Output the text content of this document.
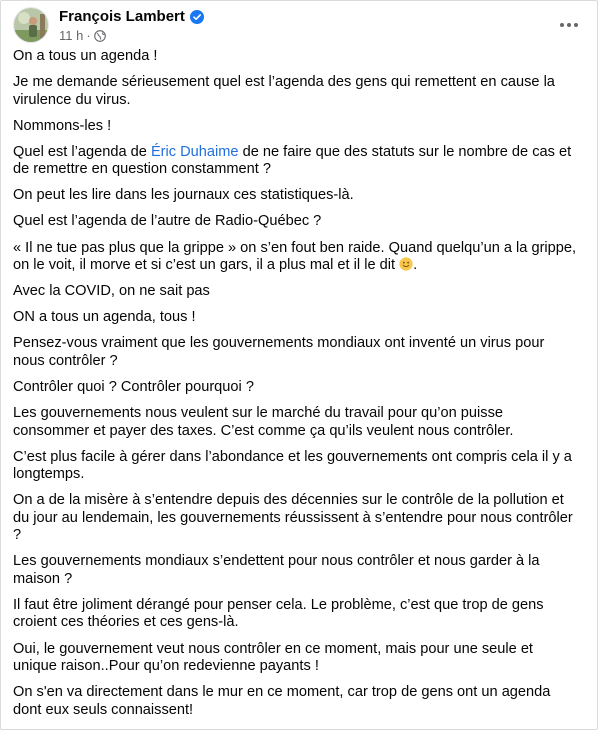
François Lambert
11 h ·

On a tous un agenda !

Je me demande sérieusement quel est l’agenda des gens qui remettent en cause la virulence du virus.

Nommons-les !

Quel est l’agenda de Éric Duhaime de ne faire que des statuts sur le nombre de cas et de remettre en question constamment ?

On peut les lire dans les journaux ces statistiques-là.

Quel est l’agenda de l’autre de Radio-Québec ?

« Il ne tue pas plus que la grippe » on s’en fout ben raide. Quand quelqu’un a la grippe, on le voit, il morve et si c’est un gars, il a plus mal et il le dit .

Avec la COVID, on ne sait pas

ON a tous un agenda, tous !

Pensez-vous vraiment que les gouvernements mondiaux ont inventé un virus pour nous contrôler ?

Contrôler quoi ? Contrôler pourquoi ?

Les gouvernements nous veulent sur le marché du travail pour qu’on puisse consommer et payer des taxes. C’est comme ça qu’ils veulent nous contrôler.

C’est plus facile à gérer dans l’abondance et les gouvernements ont compris cela il y a longtemps.

On a de la misère à s’entendre depuis des décennies sur le contrôle de la pollution et du jour au lendemain, les gouvernements réussissent à s’entendre pour nous contrôler ?

Les gouvernements mondiaux s’endettent pour nous contrôler et nous garder à la maison ?

Il faut être joliment dérangé pour penser cela. Le problème, c’est que trop de gens croient ces théories et ces gens-là.

Oui, le gouvernement veut nous contrôler en ce moment, mais pour une seule et unique raison..Pour qu’on redevienne payants !

On s'en va directement dans le mur en ce moment, car trop de gens ont un agenda dont eux seuls connaissent!
